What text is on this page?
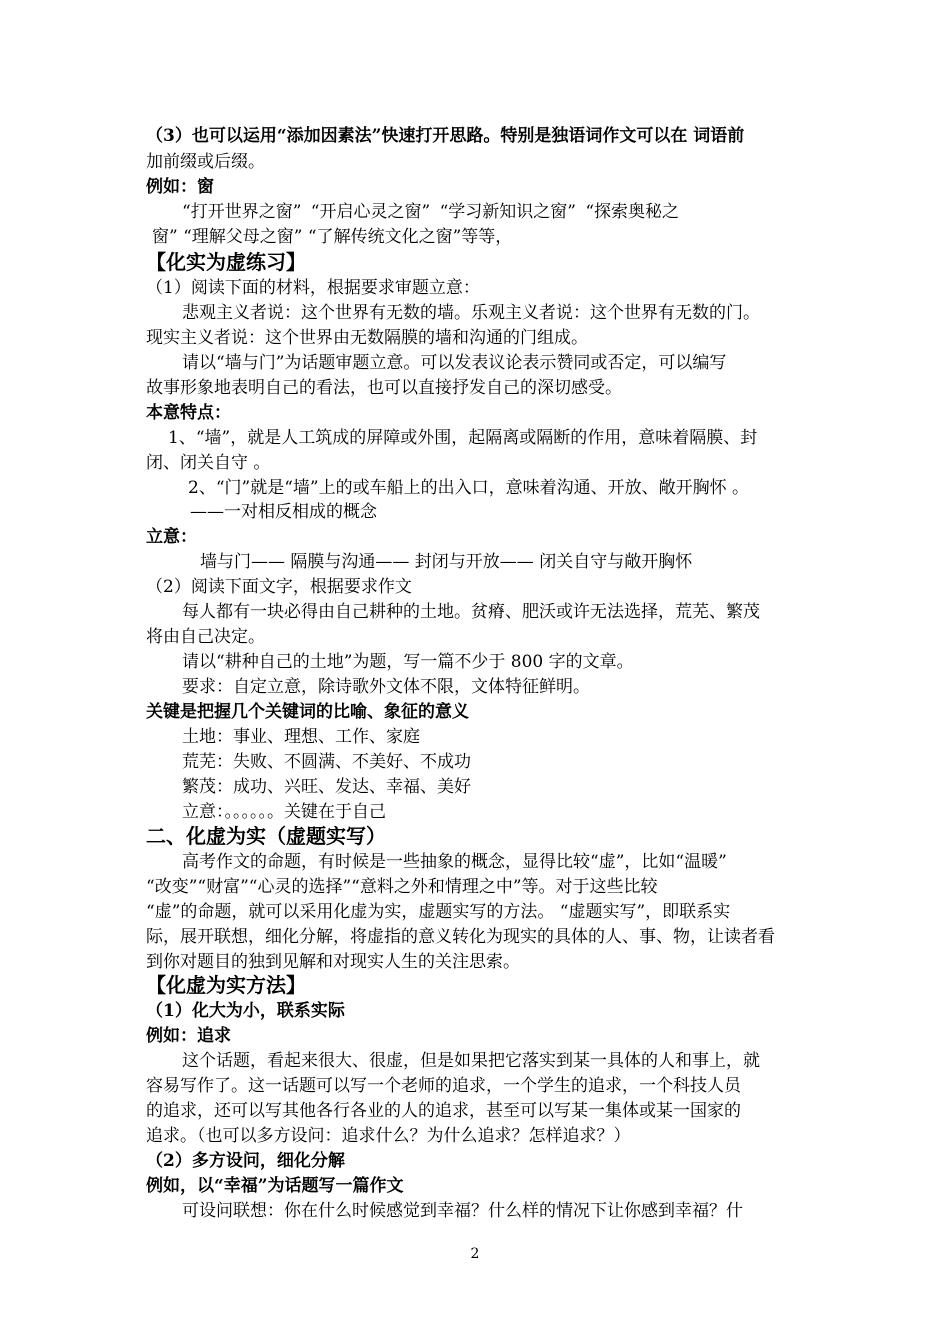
（3）也可以运用“添加因素法”快速打开思路。特别是独语词作文可以在 词语前
加前缀或后缀。
例如：窗
“打开世界之窗” “开启心灵之窗” “学习新知识之窗” “探索奥秘之
窗” “理解父母之窗” “了解传统文化之窗”等等，
【化实为虚练习】
（1）阅读下面的材料，根据要求审题立意：
悲观主义者说：这个世界有无数的墙。乐观主义者说：这个世界有无数的门。
现实主义者说：这个世界由无数隔膜的墙和沟通的门组成。
请以“墙与门”为话题审题立意。可以发表议论表示赞同或否定，可以编写
故事形象地表明自己的看法，也可以直接抒发自己的深切感受。
本意特点：
1、“墙”，就是人工筑成的屏障或外围，起隔离或隔断的作用，意味着隔膜、封
闭、闭关自守 。
2、“门”就是“墙”上的或车船上的出入口，意味着沟通、开放、敞开胸怀 。
——一对相反相成的概念
立意：
墙与门—— 隔膜与沟通—— 封闭与开放—— 闭关自守与敞开胸怀
（2）阅读下面文字，根据要求作文
每人都有一块必得由自己耕种的土地。贫瘠、肥沃或许无法选择，荒芜、繁茂
将由自己决定。
请以“耕种自己的土地”为题，写一篇不少于 800 字的文章。
要求：自定立意，除诗歌外文体不限，文体特征鲜明。
关键是把握几个关键词的比喻、象征的意义
土地：事业、理想、工作、家庭
荒芜：失败、不圆满、不美好、不成功
繁茂：成功、兴旺、发达、幸福、美好
立意：。。。。。。关键在于自己
二、化虚为实（虚题实写）
高考作文的命题，有时候是一些抽象的概念，显得比较“虚”，比如“温暖”
“改变”“财富”“心灵的选择”“意料之外和情理之中”等。对于这些比较
“虚”的命题，就可以采用化虚为实，虚题实写的方法。 “虚题实写”，即联系实
际，展开联想，细化分解，将虚指的意义转化为现实的具体的人、事、物，让读者看
到你对题目的独到见解和对现实人生的关注思索。
【化虚为实方法】
（1）化大为小，联系实际
例如：追求
这个话题，看起来很大、很虚，但是如果把它落实到某一具体的人和事上，就
容易写作了。这一话题可以写一个老师的追求，一个学生的追求，一个科技人员
的追求，还可以写其他各行各业的人的追求，甚至可以写某一集体或某一国家的
追求。（也可以多方设问：追求什么？为什么追求？怎样追求？）
（2）多方设问，细化分解
例如，以“幸福”为话题写一篇作文
可设问联想：你在什么时候感觉到幸福？什么样的情况下让你感到幸福？什
2
